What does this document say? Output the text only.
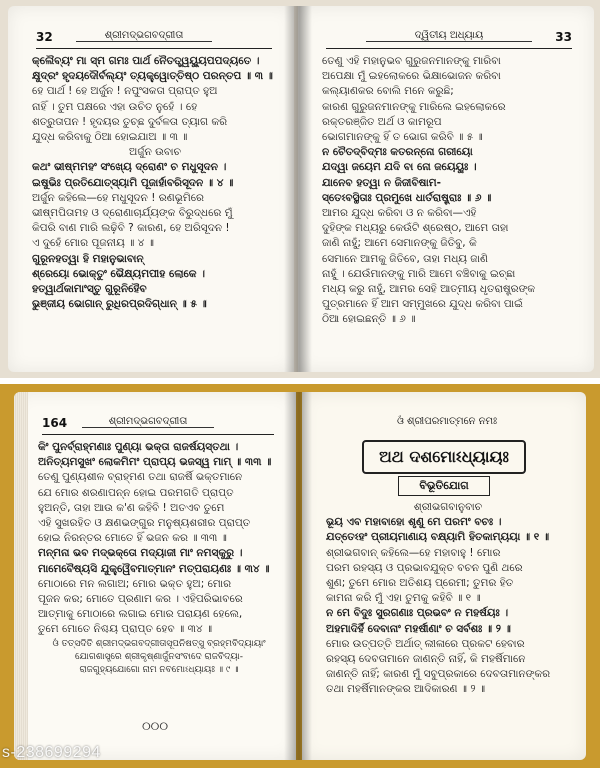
32	ଶ୍ରୀମଦ୍‌ଭଗବଦ୍‌ଗୀତା
କ୍ଲୈବ୍ୟଂ ମା ସ୍ମ ଗମଃ ପାର୍ଥ ନୈତତ୍ତ୍ୱୟ୍ୟୁପପଦ୍ୟତେ ।
କ୍ଷୁଦ୍ରଂ ହୃଦୟଦୌର୍ବଲ୍ୟଂ ତ୍ୟକ୍ତ୍ୱୋତ୍ତିଷ୍ଠ ପରନ୍ତପ ॥ ୩ ॥
ହେ ପାର୍ଥ ! ହେ ଅର୍ଜୁନ ! ନପୁଂସକତା ପ୍ରାପ୍ତ ହୁଅ
ନାହିଁ । ତୁମ ପକ୍ଷରେ ଏହା ଉଚିତ ନୁହେଁ । ହେ
ଶତ୍ରୁତାପନ ! ହୃଦୟର ତୁଚ୍ଛ ଦୁର୍ବଳତା ତ୍ୟାଗ କରି
ଯୁଦ୍ଧ କରିବାକୁ ଠିଆ ହୋଇଯାଅ ॥ ୩ ॥
ଅର୍ଜୁନ ଉବାଚ
କଥଂ ଭୀଷ୍ମମହଂ ସଂଖ୍ୟେ ଦ୍ରୋଣଂ ଚ ମଧୁସୂଦନ ।
ଇଷୁଭିଃ ପ୍ରତିଯୋତ୍ସ୍ୟାମି ପୂଜାର୍ହାବରିସୂଦନ ॥ ୪ ॥
ଅର୍ଜୁନ କହିଲେ—ହେ ମଧୁସୂଦନ ! ରଣଭୂମିରେ
ଭୀଷ୍ମପିତାମହ ଓ ଦ୍ରୋଣାଚାର୍ଯ୍ୟଙ୍କ ବିରୁଦ୍ଧରେ ମୁଁ
କିପରି ବାଣ ମାରି ଲଢ଼ିବି ? କାରଣ, ହେ ଅରିସୂଦନ !
ଏ ଦୁହେଁ ମୋର ପୂଜନୀୟ ॥ ୪ ॥
ଗୁରୂନହତ୍ୱା ହି ମହାନୁଭାବାନ୍
ଶ୍ରେୟୋ ଭୋକ୍ତୁଂ ଭୈକ୍ଷ୍ୟମପୀହ ଲୋକେ ।
ହତ୍ୱାର୍ଥକାମାଂସ୍ତୁ ଗୁରୂନିହୈବ
ଭୁଞ୍ଜୀୟ ଭୋଗାନ୍ ରୁଧିରପ୍ରଦିଗ୍ଧାନ୍ ॥ ୫ ॥
ଦ୍ୱିତୀୟ ଅଧ୍ୟାୟ	33
ତେଣୁ ଏହି ମହାନୁଭବ ଗୁରୁଜନମାନଙ୍କୁ ମାରିବା
ଅପେକ୍ଷା ମୁଁ ଇହଲୋକରେ ଭିକ୍ଷାଭୋଜନ କରିବା
କଲ୍ୟାଣକର ବୋଲି ମନେ କରୁଛି;
କାରଣ ଗୁରୁଜନମାନଙ୍କୁ ମାରିଲେ ଇହଲୋକରେ
ରକ୍ତରଞ୍ଜିତ ଅର୍ଥ ଓ କାମରୂପ
ଭୋଗମାନଙ୍କୁ ହିଁ ତ ଭୋଗ କରିବି ॥ ୫ ॥
ନ ଚୈତଦ୍‌ବିଦ୍ମଃ କତରନ୍ନୋ ଗରୀୟୋ
ଯଦ୍ୱା ଜୟେମ ଯଦି ବା ନୋ ଜୟେୟୁଃ ।
ଯାନେବ ହତ୍ୱା ନ ଜିଜୀବିଷାମ-
ସ୍ତେଽବସ୍ଥିତାଃ ପ୍ରମୁଖେ ଧାର୍ତରାଷ୍ଟ୍ରାଃ ॥ ୬ ॥
ଆମର ଯୁଦ୍ଧ କରିବା ଓ ନ କରିବା—ଏହି
ଦୁହିଙ୍କ ମଧ୍ୟରୁ କେଉଁଟି ଶ୍ରେଷ୍ଠ, ଆମେ ତାହା
ଜାଣି ନାହୁଁ; ଆମେ ସେମାନଙ୍କୁ ଜିତିବୁ, କି
ସେମାନେ ଆମକୁ ଜିତିବେ, ତାହା ମଧ୍ୟ ଜାଣି
ନାହୁଁ । ଯେଉଁମାନଙ୍କୁ ମାରି ଆମେ ବଞ୍ଚିବାକୁ ଇଚ୍ଛା
ମଧ୍ୟ କରୁ ନାହୁଁ, ଆମର ସେହି ଆତ୍ମୀୟ ଧୃତରାଷ୍ଟ୍ରଙ୍କ
ପୁତ୍ରମାନେ ହିଁ ଆମ ସମ୍ମୁଖରେ ଯୁଦ୍ଧ କରିବା ପାଇଁ
ଠିଆ ହୋଇଛନ୍ତି ॥ ୬ ॥
164	ଶ୍ରୀମଦ୍‌ଭଗବଦ୍‌ଗୀତା
କିଂ ପୁନର୍ବ୍ରାହ୍ମଣାଃ ପୁଣ୍ୟା ଭକ୍ତା ରାଜର୍ଷୟସ୍ତଥା ।
ଅନିତ୍ୟମସୁଖଂ ଲୋକମିମଂ ପ୍ରାପ୍ୟ ଭଜସ୍ୱ ମାମ୍ ॥ ୩୩ ॥
ତେଣୁ ପୁଣ୍ୟଶୀଳ ବ୍ରାହ୍ମଣ ତଥା ରାଜର୍ଷି ଭକ୍ତମାନେ
ଯେ ମୋର ଶରଣାପନ୍ନ ହୋଇ ପରମଗତି ପ୍ରାପ୍ତ
ହୁଅନ୍ତି, ତାହା ଆଉ କ'ଣ କହିବି ! ଅତଏବ ତୁମେ
ଏହି ସୁଖରହିତ ଓ କ୍ଷଣଭଙ୍ଗୁର ମନୁଷ୍ୟଶରୀର ପ୍ରାପ୍ତ
ହୋଇ ନିରନ୍ତର ମୋତେ ହିଁ ଭଜନ କର ॥ ୩୩ ॥
ମନ୍ମନା ଭବ ମଦ୍‌ଭକ୍ତୋ ମଦ୍ୟାଜୀ ମାଂ ନମସ୍କୁରୁ ।
ମାମେବୈଷ୍ୟସି ଯୁକ୍ତ୍ୱୈବମାତ୍ମାନଂ ମତ୍ପରାୟଣଃ ॥ ୩୪ ॥
ମୋଠାରେ ମନ ଲଗାଅ; ମୋର ଭକ୍ତ ହୁଅ; ମୋର
ପୂଜନ କର; ମୋତେ ପ୍ରଣାମ କର । ଏହିପରିଭାବରେ
ଆତ୍ମାକୁ ମୋଠାରେ ଲଗାଇ ମୋର ପରାୟଣ ହେଲେ,
ତୁମେ ମୋତେ ନିଶ୍ଚୟ ପ୍ରାପ୍ତ ହେବ ॥ ୩୪ ॥
ଓଁ ତତ୍‌ସଦିତି ଶ୍ରୀମଦ୍‌ଭଗବଦ୍‌ଗୀତାସୂପନିଷତ୍ସୁ ବ୍ରହ୍ମବିଦ୍ୟାୟାଂ
ଯୋଗଶାସ୍ତ୍ରେ ଶ୍ରୀକୃଷ୍ଣାର୍ଜୁନସଂବାଦେ ରାଜବିଦ୍ୟା-
ରାଜଗୁହ୍ୟଯୋଗୋ ନାମ ନବମୋଽଧ୍ୟାୟଃ ॥ ୯ ॥
୦୦୦
ଓଁ ଶ୍ରୀପରମାତ୍ମନେ ନମଃ
ଅଥ ଦଶମୋଽଧ୍ୟାୟଃ
ବିଭୂତିଯୋଗ
ଶ୍ରୀଭଗବାନୁବାଚ
ଭୂୟ ଏବ ମହାବାହୋ ଶୃଣୁ ମେ ପରମଂ ବଚଃ ।
ଯତ୍ତେଽହଂ ପ୍ରୀୟମାଣାୟ ବକ୍ଷ୍ୟାମି ହିତକାମ୍ୟୟା ॥ ୧ ॥
ଶ୍ରୀଭଗବାନ୍ କହିଲେ—ହେ ମହାବାହୁ ! ମୋର
ପରମ ରହସ୍ୟ ଓ ପ୍ରଭାବଯୁକ୍ତ ବଚନ ପୁଣି ଥରେ
ଶୁଣ; ତୁମେ ମୋର ଅତିଶୟ ପ୍ରେମୀ; ତୁମର ହିତ
କାମନା କରି ମୁଁ ଏହା ତୁମକୁ କହିବି ॥ ୧ ॥
ନ ମେ ବିଦୁଃ ସୁରଗଣାଃ ପ୍ରଭବଂ ନ ମହର୍ଷୟଃ ।
ଅହମାଦିର୍ହି ଦେବାନାଂ ମହର୍ଷୀଣାଂ ଚ ସର୍ବଶଃ ॥ ୨ ॥
ମୋର ଉତ୍ପତ୍ତି ଅର୍ଥାତ୍ ଲୀଳାରେ ପ୍ରକଟ ହେବାର
ରହସ୍ୟ ଦେବତାମାନେ ଜାଣନ୍ତି ନାହିଁ, କି ମହର୍ଷିମାନେ
ଜାଣନ୍ତି ନାହିଁ; କାରଣ ମୁଁ ସବୁପ୍ରକାରେ ଦେବତାମାନଙ୍କର
ତଥା ମହର୍ଷିମାନଙ୍କର ଆଦିକାରଣ ॥ ୨ ॥
s-238699294
